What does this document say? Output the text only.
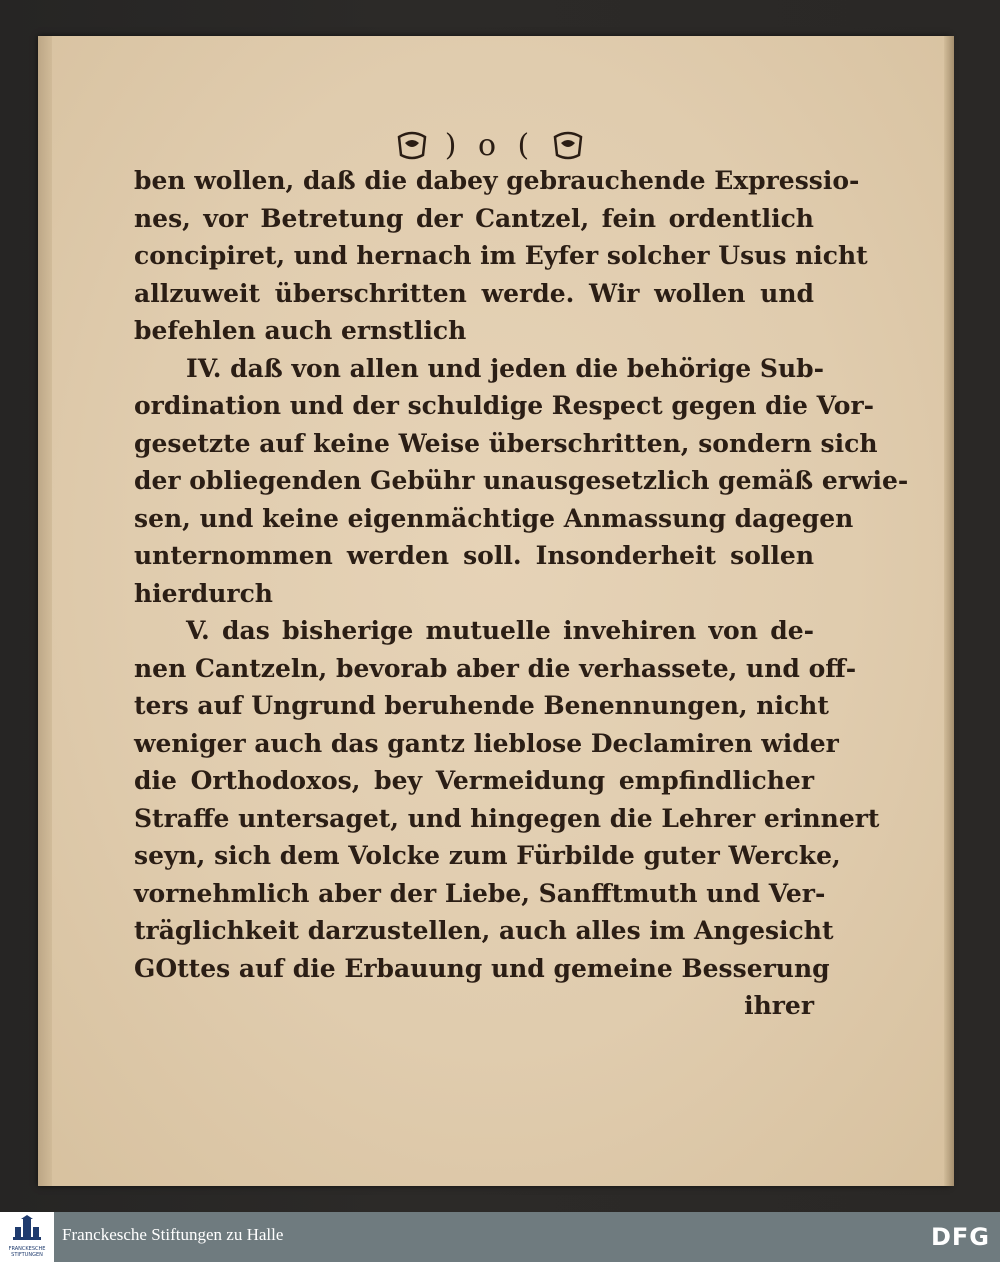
) o (
ben wollen, daß die dabey gebrauchende Expressio-
nes, vor Betretung der Cantzel, fein ordentlich
concipiret, und hernach im Eyfer solcher Usus nicht
allzuweit überschritten werde. Wir wollen und
befehlen auch ernstlich
IV. daß von allen und jeden die behörige Sub-
ordination und der schuldige Respect gegen die Vor-
gesetzte auf keine Weise überschritten, sondern sich
der obliegenden Gebühr unausgesetzlich gemäß erwie-
sen, und keine eigenmächtige Anmassung dagegen
unternommen werden soll. Insonderheit sollen
hierdurch
V. das bisherige mutuelle invehiren von de-
nen Cantzeln, bevorab aber die verhassete, und off-
ters auf Ungrund beruhende Benennungen, nicht
weniger auch das gantz lieblose Declamiren wider
die Orthodoxos, bey Vermeidung empfindlicher
Straffe untersaget, und hingegen die Lehrer erinnert
seyn, sich dem Volcke zum Fürbilde guter Wercke,
vornehmlich aber der Liebe, Sanfftmuth und Ver-
träglichkeit darzustellen, auch alles im Angesicht
GOttes auf die Erbauung und gemeine Besserung
ihrer
FRANCKESCHE STIFTUNGEN
Franckesche Stiftungen zu Halle	DFG
